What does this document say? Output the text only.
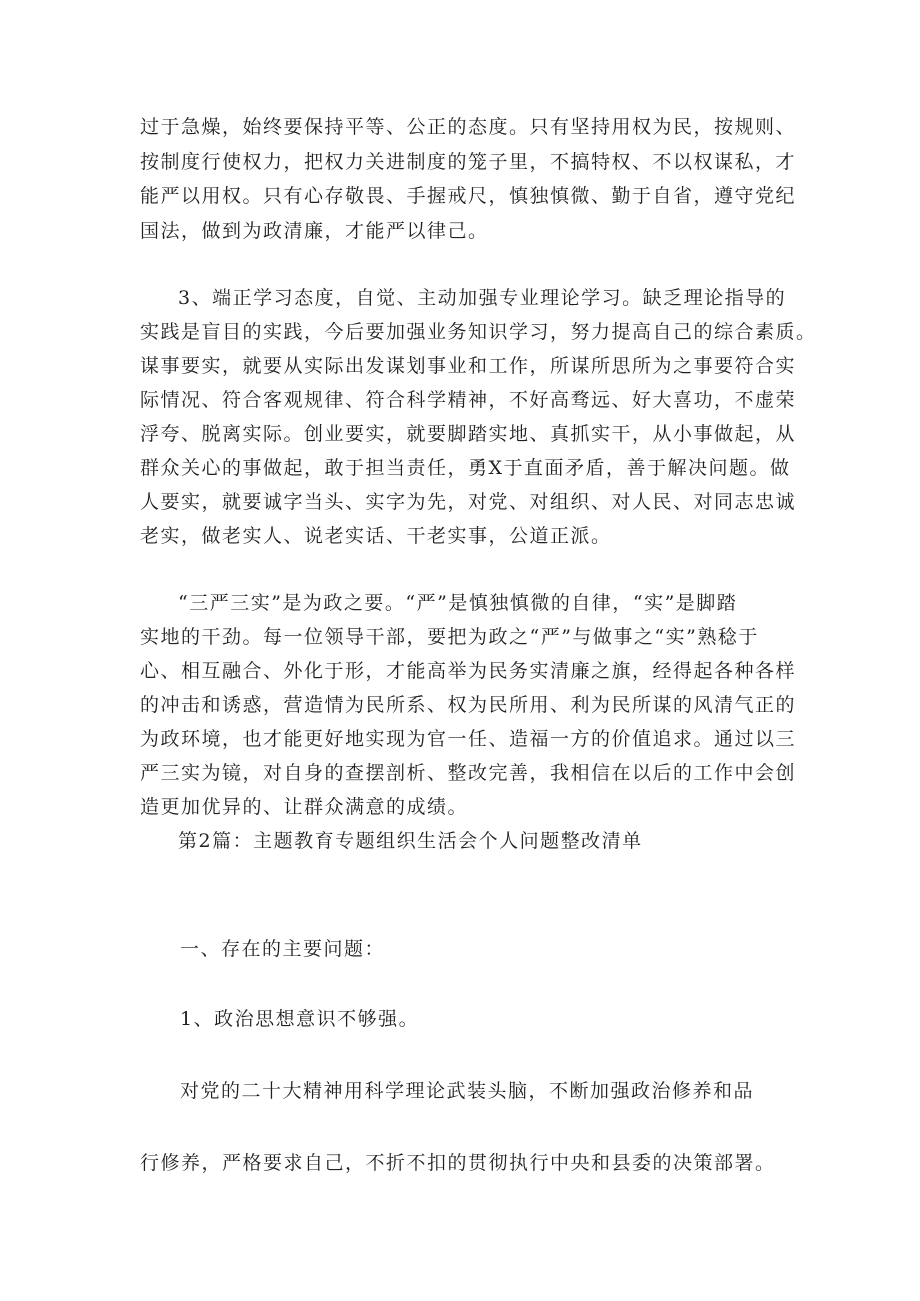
过于急燥，始终要保持平等、公正的态度。只有坚持用权为民，按规则、
按制度行使权力，把权力关进制度的笼子里，不搞特权、不以权谋私，才
能严以用权。只有心存敬畏、手握戒尺，慎独慎微、勤于自省，遵守党纪
国法，做到为政清廉，才能严以律己。
3、端正学习态度，自觉、主动加强专业理论学习。缺乏理论指导的
实践是盲目的实践，今后要加强业务知识学习，努力提高自己的综合素质。
谋事要实，就要从实际出发谋划事业和工作，所谋所思所为之事要符合实
际情况、符合客观规律、符合科学精神，不好高骛远、好大喜功，不虚荣
浮夸、脱离实际。创业要实，就要脚踏实地、真抓实干，从小事做起，从
群众关心的事做起，敢于担当责任，勇X于直面矛盾，善于解决问题。做
人要实，就要诚字当头、实字为先，对党、对组织、对人民、对同志忠诚
老实，做老实人、说老实话、干老实事，公道正派。
“三严三实”是为政之要。“严”是慎独慎微的自律，“实”是脚踏
实地的干劲。每一位领导干部，要把为政之“严”与做事之“实”熟稔于
心、相互融合、外化于形，才能高举为民务实清廉之旗，经得起各种各样
的冲击和诱惑，营造情为民所系、权为民所用、利为民所谋的风清气正的
为政环境，也才能更好地实现为官一任、造福一方的价值追求。通过以三
严三实为镜，对自身的查摆剖析、整改完善，我相信在以后的工作中会创
造更加优异的、让群众满意的成绩。
第2篇：主题教育专题组织生活会个人问题整改清单
一、存在的主要问题：
1、政治思想意识不够强。
对党的二十大精神用科学理论武装头脑，不断加强政治修养和品
行修养，严格要求自己，不折不扣的贯彻执行中央和县委的决策部署。
